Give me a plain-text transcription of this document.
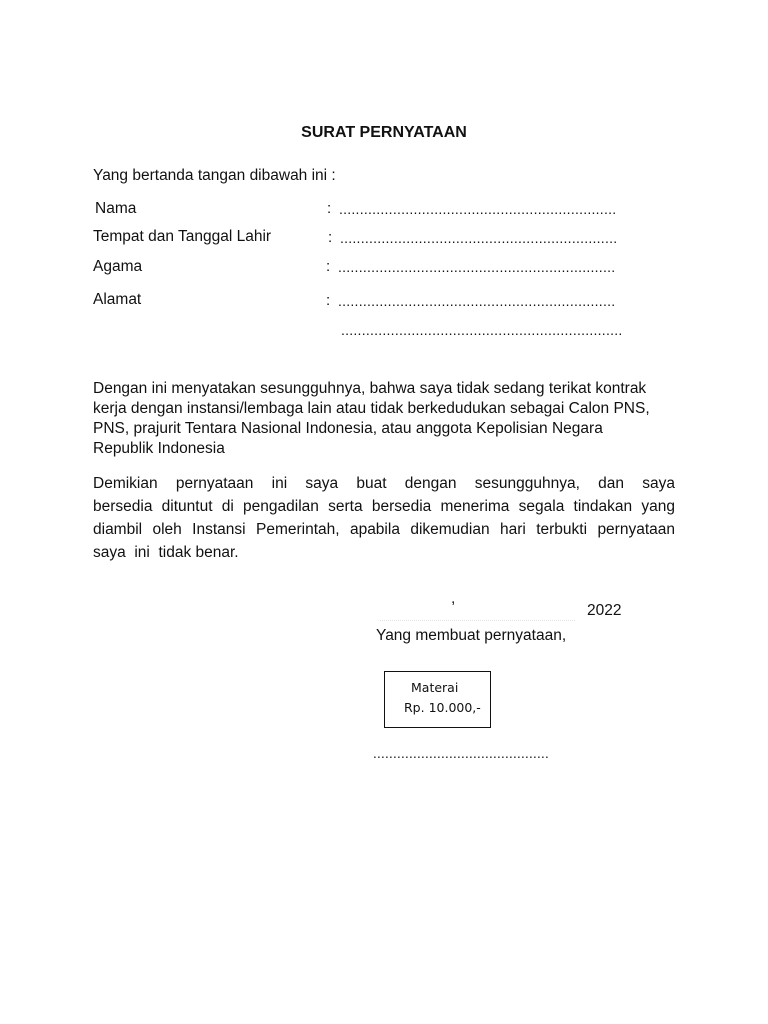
SURAT PERNYATAAN
Yang bertanda tangan dibawah ini :
Nama	: ...................................................................
Tempat dan Tanggal Lahir	: ...................................................................
Agama	: ...................................................................
Alamat	: ...................................................................
....................................................................
Dengan ini menyatakan sesungguhnya, bahwa saya tidak sedang terikat kontrak
kerja dengan instansi/lembaga lain atau tidak berkedudukan sebagai Calon PNS,
PNS, prajurit Tentara Nasional Indonesia, atau anggota Kepolisian Negara
Republik Indonesia
Demikian pernyataan ini saya buat dengan sesungguhnya, dan saya
bersedia dituntut di pengadilan serta bersedia menerima segala tindakan yang
diambil oleh Instansi Pemerintah, apabila dikemudian hari terbukti pernyataan
saya  ini  tidak benar.
,
2022
Yang membuat pernyataan,
Materai
Rp. 10.000,-
............................................
